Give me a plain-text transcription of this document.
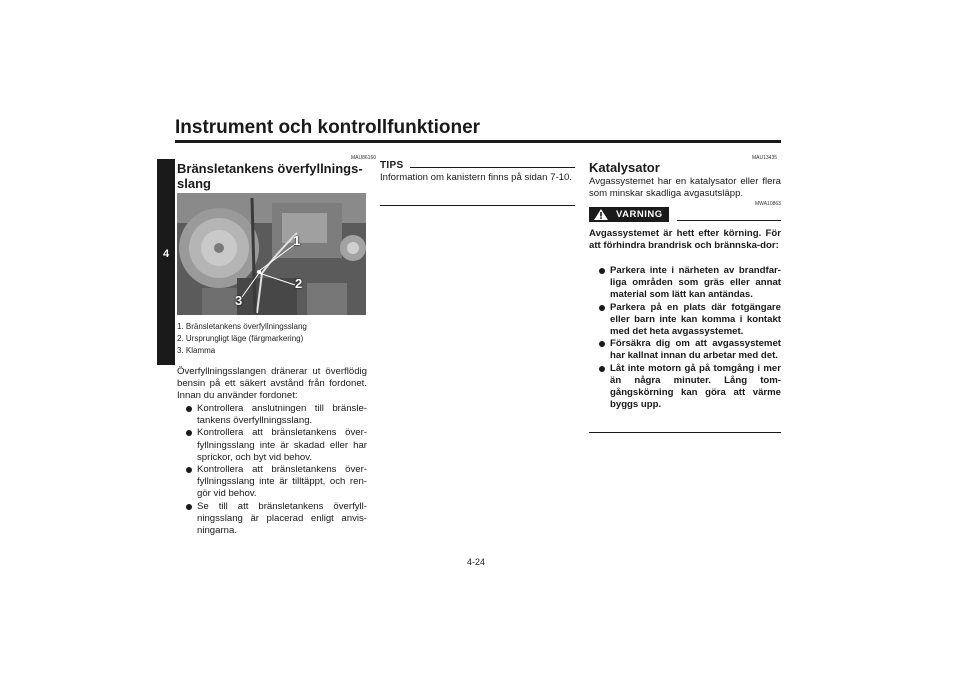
Instrument och kontrollfunktioner
4
MAU86160
Bränsletankens överfyllnings-
slang
1
2
3
1. Bränsletankens överfyllningsslang
2. Ursprungligt läge (färgmarkering)
3. Klamma
Överfyllningsslangen dränerar ut överflödig bensin på ett säkert avstånd från fordonet. Innan du använder fordonet:
Kontrollera anslutningen till bränsle-tankens överfyllningsslang.
Kontrollera att bränsletankens över-fyllningsslang inte är skadad eller har sprickor, och byt vid behov.
Kontrollera att bränsletankens över-fyllningsslang inte är tilltäppt, och ren-gör vid behov.
Se till att bränsletankens överfyll-ningsslang är placerad enligt anvis-ningarna.
TIPS
Information om kanistern finns på sidan 7-10.
MAU13435
Katalysator
Avgassystemet har en katalysator eller flera som minskar skadliga avgasutsläpp.
MWA10863
VARNING
Avgassystemet är hett efter körning. För att förhindra brandrisk och brännska-dor:
Parkera inte i närheten av brandfar-liga områden som gräs eller annat material som lätt kan antändas.
Parkera på en plats där fotgängare eller barn inte kan komma i kontakt med det heta avgassystemet.
Försäkra dig om att avgassystemet har kallnat innan du arbetar med det.
Låt inte motorn gå på tomgång i mer än några minuter. Lång tom-gångskörning kan göra att värme byggs upp.
4-24
